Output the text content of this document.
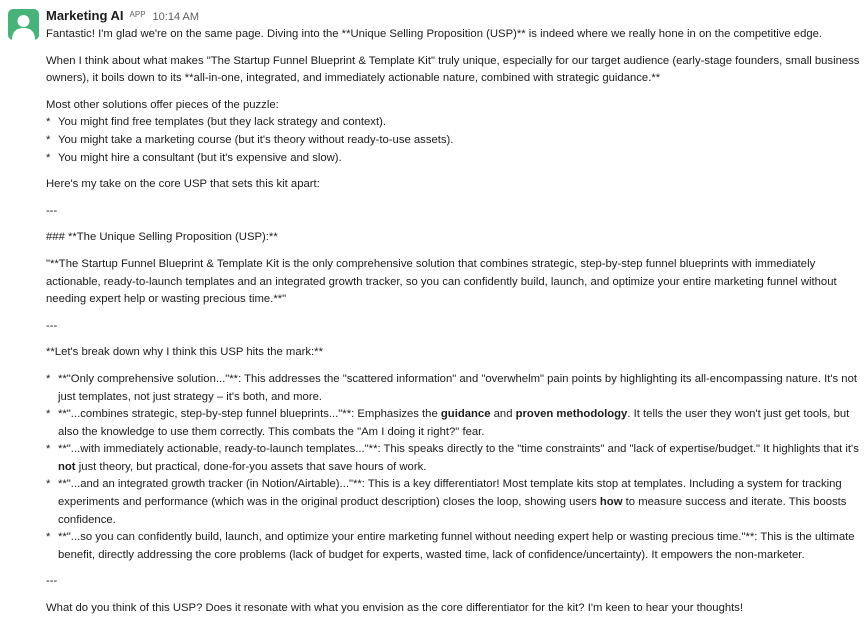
Marketing AI APP 10:14 AM

Fantastic! I'm glad we're on the same page. Diving into the **Unique Selling Proposition (USP)** is indeed where we really hone in on the competitive edge.

When I think about what makes "The Startup Funnel Blueprint & Template Kit" truly unique, especially for our target audience (early-stage founders, small business owners), it boils down to its **all-in-one, integrated, and immediately actionable nature, combined with strategic guidance.**

Most other solutions offer pieces of the puzzle:

* You might find free templates (but they lack strategy and context).
* You might take a marketing course (but it's theory without ready-to-use assets).
* You might hire a consultant (but it's expensive and slow).

Here's my take on the core USP that sets this kit apart:

---

### **The Unique Selling Proposition (USP):**

"**The Startup Funnel Blueprint & Template Kit is the only comprehensive solution that combines strategic, step-by-step funnel blueprints with immediately actionable, ready-to-launch templates and an integrated growth tracker, so you can confidently build, launch, and optimize your entire marketing funnel without needing expert help or wasting precious time.**"

---

**Let's break down why I think this USP hits the mark:**

* **"Only comprehensive solution..."**: This addresses the "scattered information" and "overwhelm" pain points by highlighting its all-encompassing nature. It's not just templates, not just strategy – it's both, and more.
* **"...combines strategic, step-by-step funnel blueprints..."**: Emphasizes the guidance and proven methodology. It tells the user they won't just get tools, but also the knowledge to use them correctly. This combats the "Am I doing it right?" fear.
* **"...with immediately actionable, ready-to-launch templates..."**: This speaks directly to the "time constraints" and "lack of expertise/budget." It highlights that it's not just theory, but practical, done-for-you assets that save hours of work.
* **"...and an integrated growth tracker (in Notion/Airtable)..."**: This is a key differentiator! Most template kits stop at templates. Including a system for tracking experiments and performance (which was in the original product description) closes the loop, showing users how to measure success and iterate. This boosts confidence.
* **"...so you can confidently build, launch, and optimize your entire marketing funnel without needing expert help or wasting precious time."**: This is the ultimate benefit, directly addressing the core problems (lack of budget for experts, wasted time, lack of confidence/uncertainty). It empowers the non-marketer.

---

What do you think of this USP? Does it resonate with what you envision as the core differentiator for the kit? I'm keen to hear your thoughts!
